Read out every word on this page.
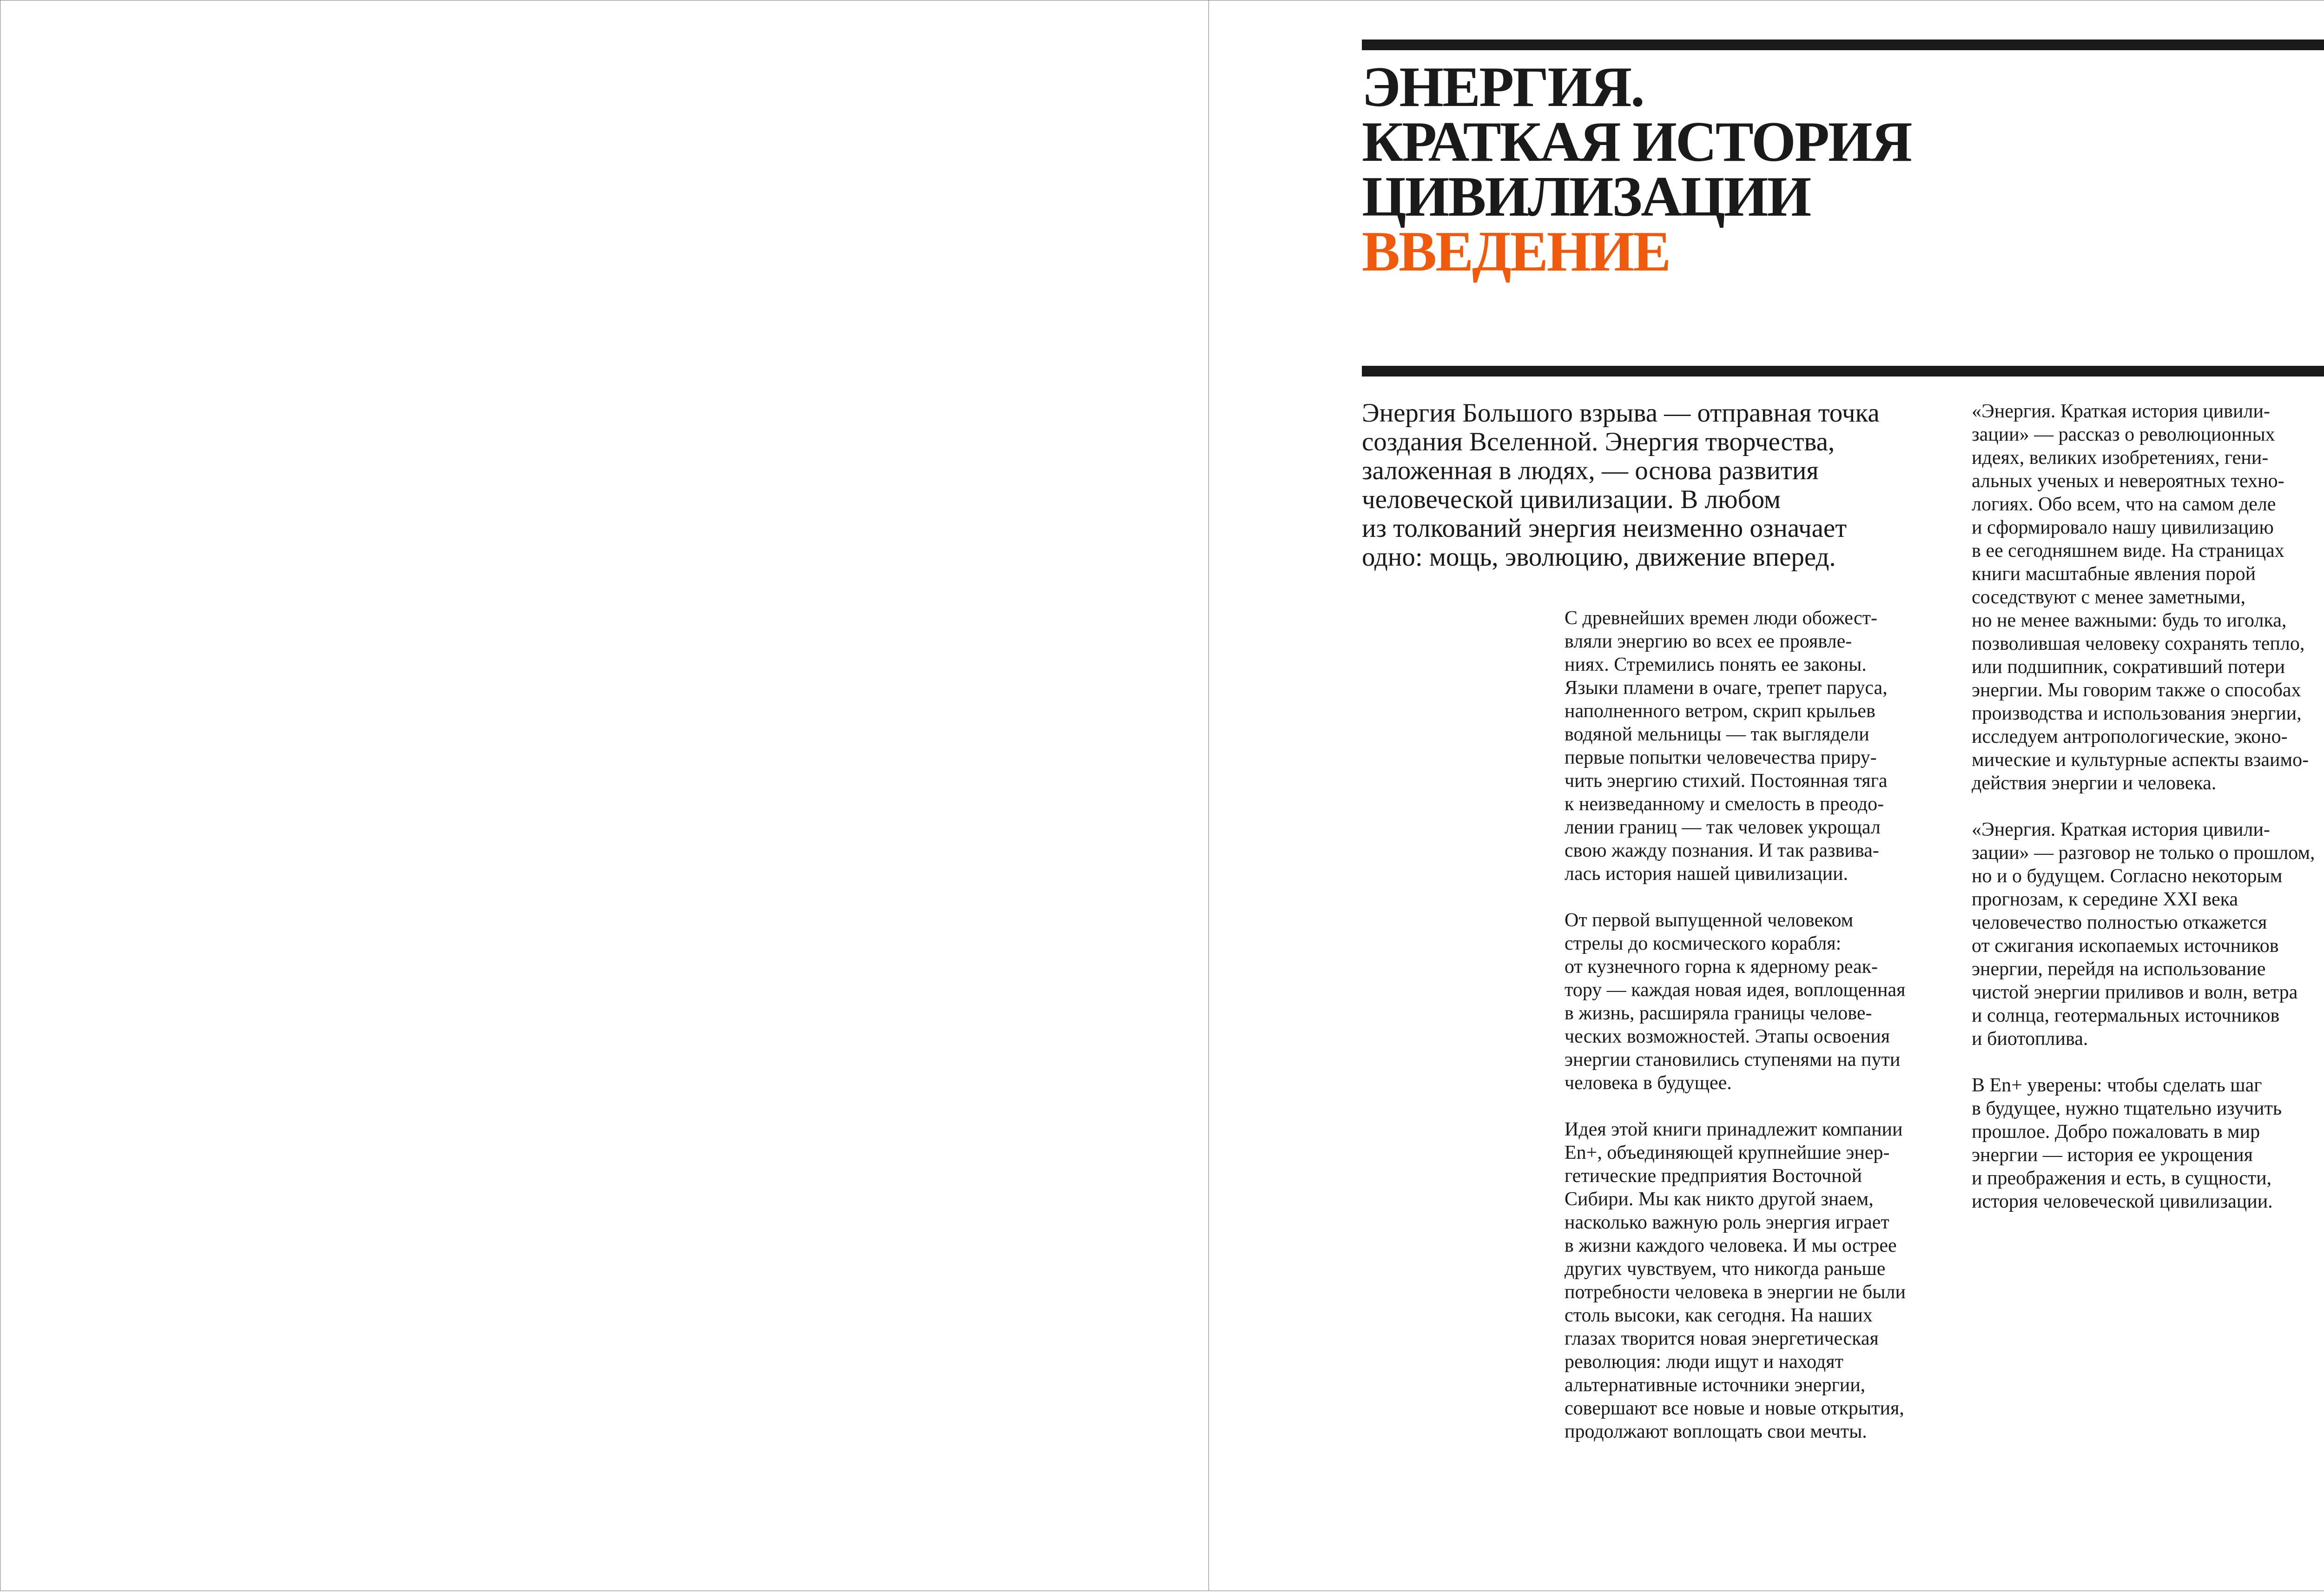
ЭНЕРГИЯ.
КРАТКАЯ ИСТОРИЯ
ЦИВИЛИЗАЦИИ
ВВЕДЕНИЕ
Энергия Большого взрыва — отправная точка
создания Вселенной. Энергия творчества,
заложенная в людях, — основа развития
человеческой цивилизации. В любом
из толкований энергия неизменно означает
одно: мощь, эволюцию, движение вперед.

С древнейших времен люди обожест-
вляли энергию во всех ее проявле-
ниях. Стремились понять ее законы.
Языки пламени в очаге, трепет паруса,
наполненного ветром, скрип крыльев
водяной мельницы — так выглядели
первые попытки человечества приру-
чить энергию стихий. Постоянная тяга
к неизведанному и смелость в преодо-
лении границ — так человек укрощал
свою жажду познания. И так развива-
лась история нашей цивилизации.

От первой выпущенной человеком
стрелы до космического корабля:
от кузнечного горна к ядерному реак-
тору — каждая новая идея, воплощенная
в жизнь, расширяла границы челове-
ческих возможностей. Этапы освоения
энергии становились ступенями на пути
человека в будущее.

Идея этой книги принадлежит компании
En+, объединяющей крупнейшие энер-
гетические предприятия Восточной
Сибири. Мы как никто другой знаем,
насколько важную роль энергия играет
в жизни каждого человека. И мы острее
других чувствуем, что никогда раньше
потребности человека в энергии не были
столь высоки, как сегодня. На наших
глазах творится новая энергетическая
революция: люди ищут и находят
альтернативные источники энергии,
совершают все новые и новые открытия,
продолжают воплощать свои мечты.

«Энергия. Краткая история цивили-
зации» — рассказ о революционных
идеях, великих изобретениях, гени-
альных ученых и невероятных техно-
логиях. Обо всем, что на самом деле
и сформировало нашу цивилизацию
в ее сегодняшнем виде. На страницах
книги масштабные явления порой
соседствуют с менее заметными,
но не менее важными: будь то иголка,
позволившая человеку сохранять тепло,
или подшипник, сокративший потери
энергии. Мы говорим также о способах
производства и использования энергии,
исследуем антропологические, эконо-
мические и культурные аспекты взаимо-
действия энергии и человека.

«Энергия. Краткая история цивили-
зации» — разговор не только о прошлом,
но и о будущем. Согласно некоторым
прогнозам, к середине XXI века
человечество полностью откажется
от сжигания ископаемых источников
энергии, перейдя на использование
чистой энергии приливов и волн, ветра
и солнца, геотермальных источников
и биотоплива.

В En+ уверены: чтобы сделать шаг
в будущее, нужно тщательно изучить
прошлое. Добро пожаловать в мир
энергии — история ее укрощения
и преображения и есть, в сущности,
история человеческой цивилизации.
